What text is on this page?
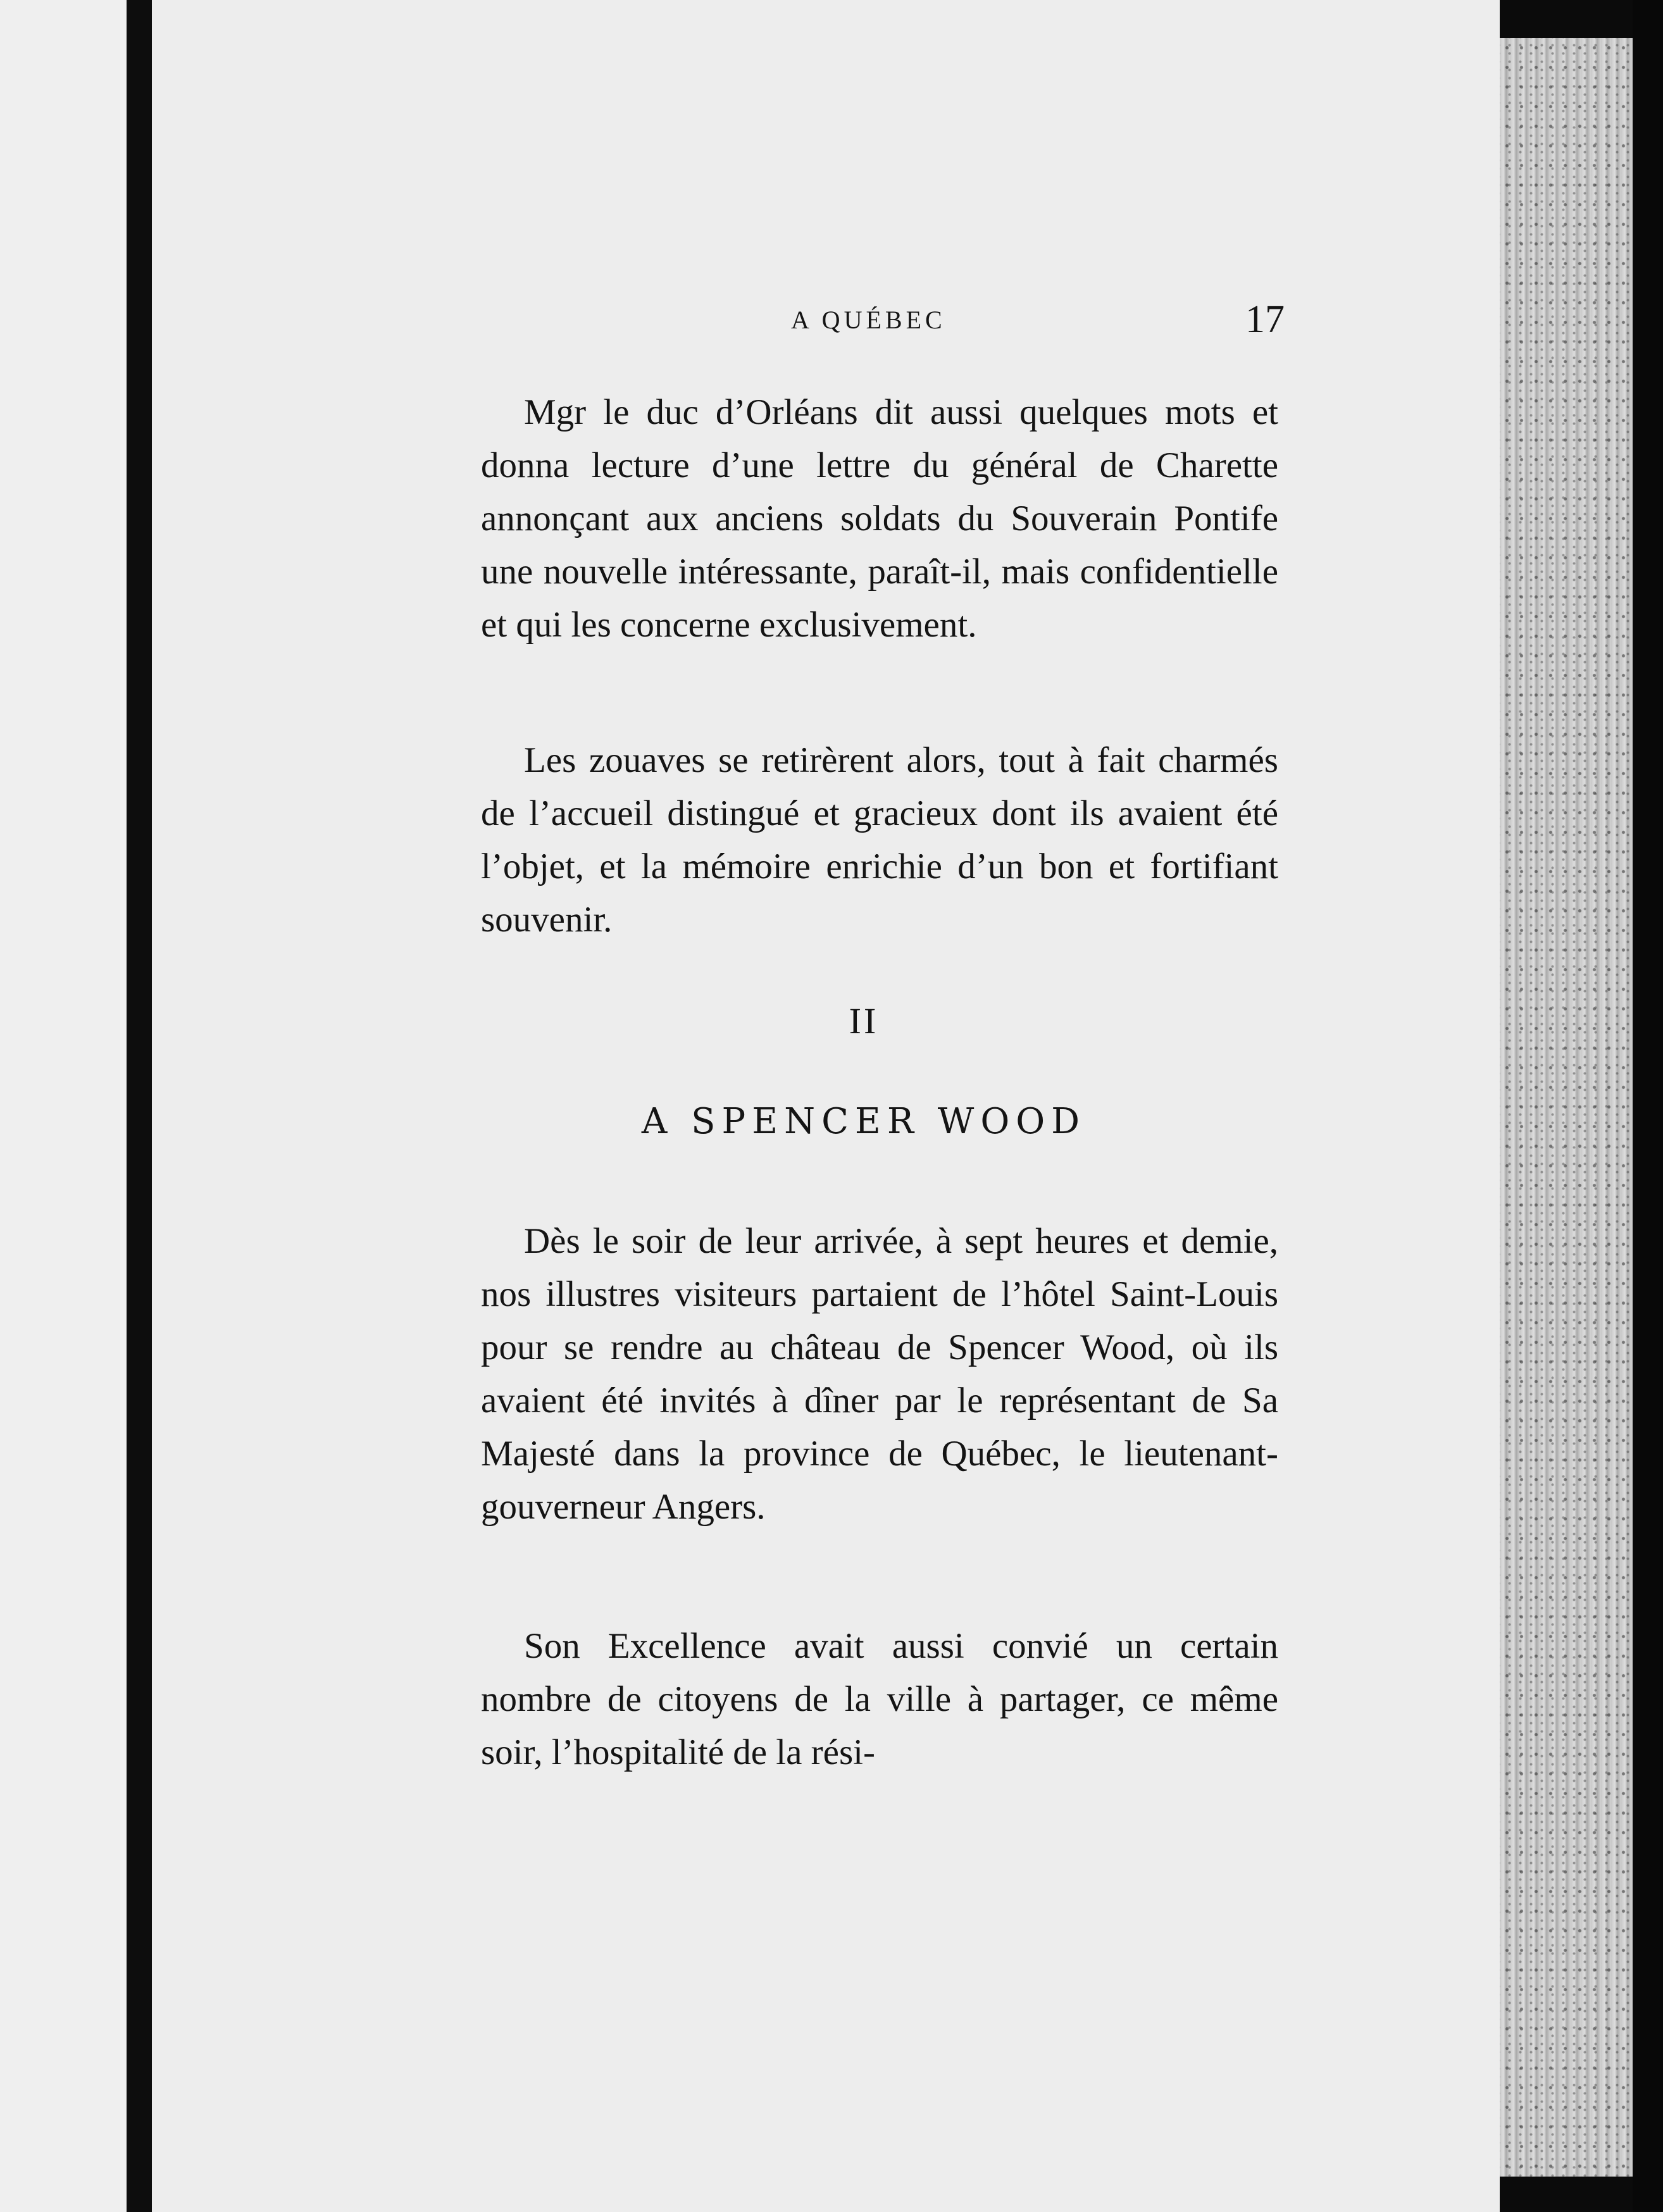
A QUÉBEC	17

Mgr le duc d’Orléans dit aussi quelques mots et donna lecture d’une lettre du général de Charette annonçant aux anciens soldats du Souverain Pontife une nouvelle intéressante, paraît-il, mais confidentielle et qui les concerne exclusivement.

Les zouaves se retirèrent alors, tout à fait charmés de l’accueil distingué et gracieux dont ils avaient été l’objet, et la mémoire enrichie d’un bon et fortifiant souvenir.

II
A SPENCER WOOD

Dès le soir de leur arrivée, à sept heures et demie, nos illustres visiteurs partaient de l’hôtel Saint-Louis pour se rendre au château de Spencer Wood, où ils avaient été invités à dîner par le représentant de Sa Majesté dans la province de Québec, le lieutenant-gouverneur Angers.

Son Excellence avait aussi convié un certain nombre de citoyens de la ville à partager, ce même soir, l’hospitalité de la rési-
